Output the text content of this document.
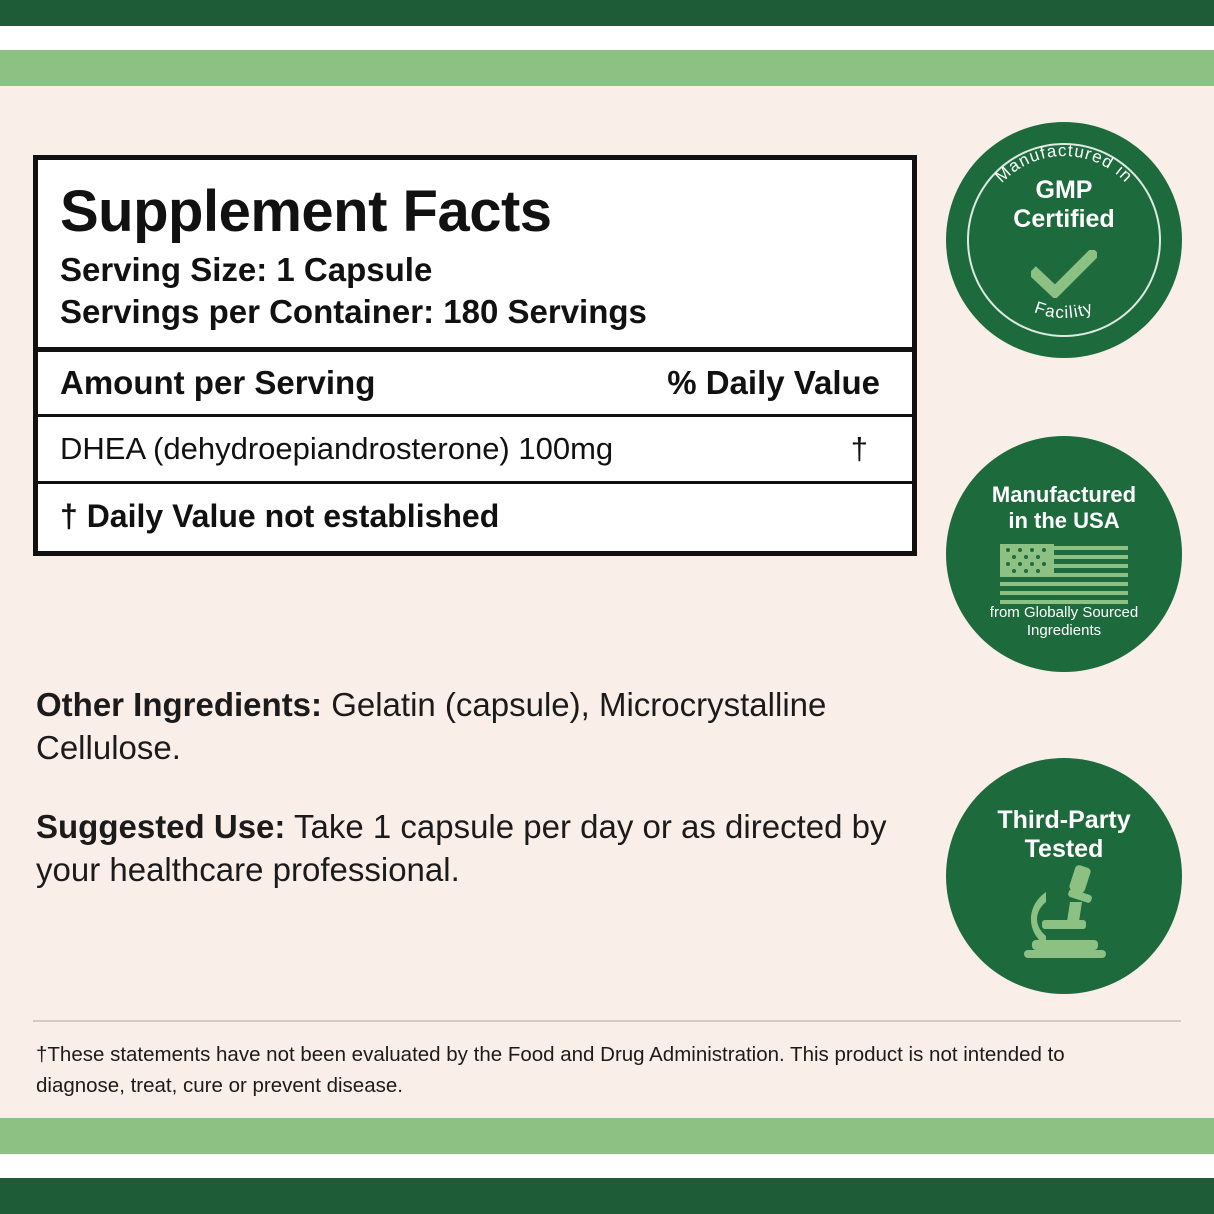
Supplement Facts
Serving Size: 1 Capsule
Servings per Container: 180 Servings
Amount per Serving	% Daily Value
DHEA (dehydroepiandrosterone) 100mg	†
† Daily Value not established

Other Ingredients: Gelatin (capsule), Microcrystalline Cellulose.

Suggested Use: Take 1 capsule per day or as directed by your healthcare professional.

†These statements have not been evaluated by the Food and Drug Administration. This product is not intended to diagnose, treat, cure or prevent disease.
Manufactured in
Facility
GMP
Certified
Manufactured
in the USA
from Globally Sourced
Ingredients
Third-Party
Tested
